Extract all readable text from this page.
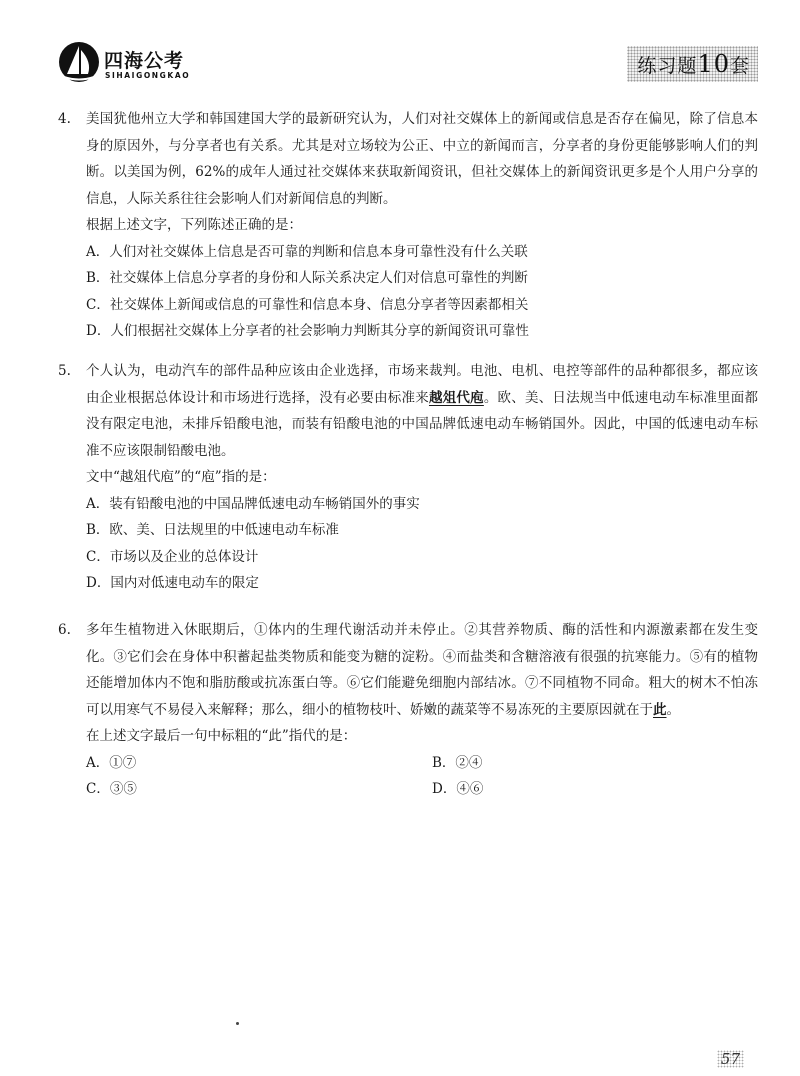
四海公考
SIHAIGONGKAO	练习题10套
4. 美国犹他州立大学和韩国建国大学的最新研究认为，人们对社交媒体上的新闻或信息是否存在偏见，除了信息本身的原因外，与分享者也有关系。尤其是对立场较为公正、中立的新闻而言，分享者的身份更能够影响人们的判断。以美国为例，62%的成年人通过社交媒体来获取新闻资讯，但社交媒体上的新闻资讯更多是个人用户分享的信息，人际关系往往会影响人们对新闻信息的判断。
根据上述文字，下列陈述正确的是：
A．人们对社交媒体上信息是否可靠的判断和信息本身可靠性没有什么关联
B．社交媒体上信息分享者的身份和人际关系决定人们对信息可靠性的判断
C．社交媒体上新闻或信息的可靠性和信息本身、信息分享者等因素都相关
D．人们根据社交媒体上分享者的社会影响力判断其分享的新闻资讯可靠性
5. 个人认为，电动汽车的部件品种应该由企业选择，市场来裁判。电池、电机、电控等部件的品种都很多，都应该由企业根据总体设计和市场进行选择，没有必要由标准来越俎代庖。欧、美、日法规当中低速电动车标准里面都没有限定电池，未排斥铅酸电池，而装有铅酸电池的中国品牌低速电动车畅销国外。因此，中国的低速电动车标准不应该限制铅酸电池。
文中“越俎代庖”的“庖”指的是：
A．装有铅酸电池的中国品牌低速电动车畅销国外的事实
B．欧、美、日法规里的中低速电动车标准
C．市场以及企业的总体设计
D．国内对低速电动车的限定
6. 多年生植物进入休眠期后，①体内的生理代谢活动并未停止。②其营养物质、酶的活性和内源激素都在发生变化。③它们会在身体中积蓄起盐类物质和能变为糖的淀粉。④而盐类和含糖溶液有很强的抗寒能力。⑤有的植物还能增加体内不饱和脂肪酸或抗冻蛋白等。⑥它们能避免细胞内部结冰。⑦不同植物不同命。粗大的树木不怕冻可以用寒气不易侵入来解释；那么，细小的植物枝叶、娇嫩的蔬菜等不易冻死的主要原因就在于此。
在上述文字最后一句中标粗的“此”指代的是：
A．①⑦	B．②④
C．③⑤	D．④⑥
57
